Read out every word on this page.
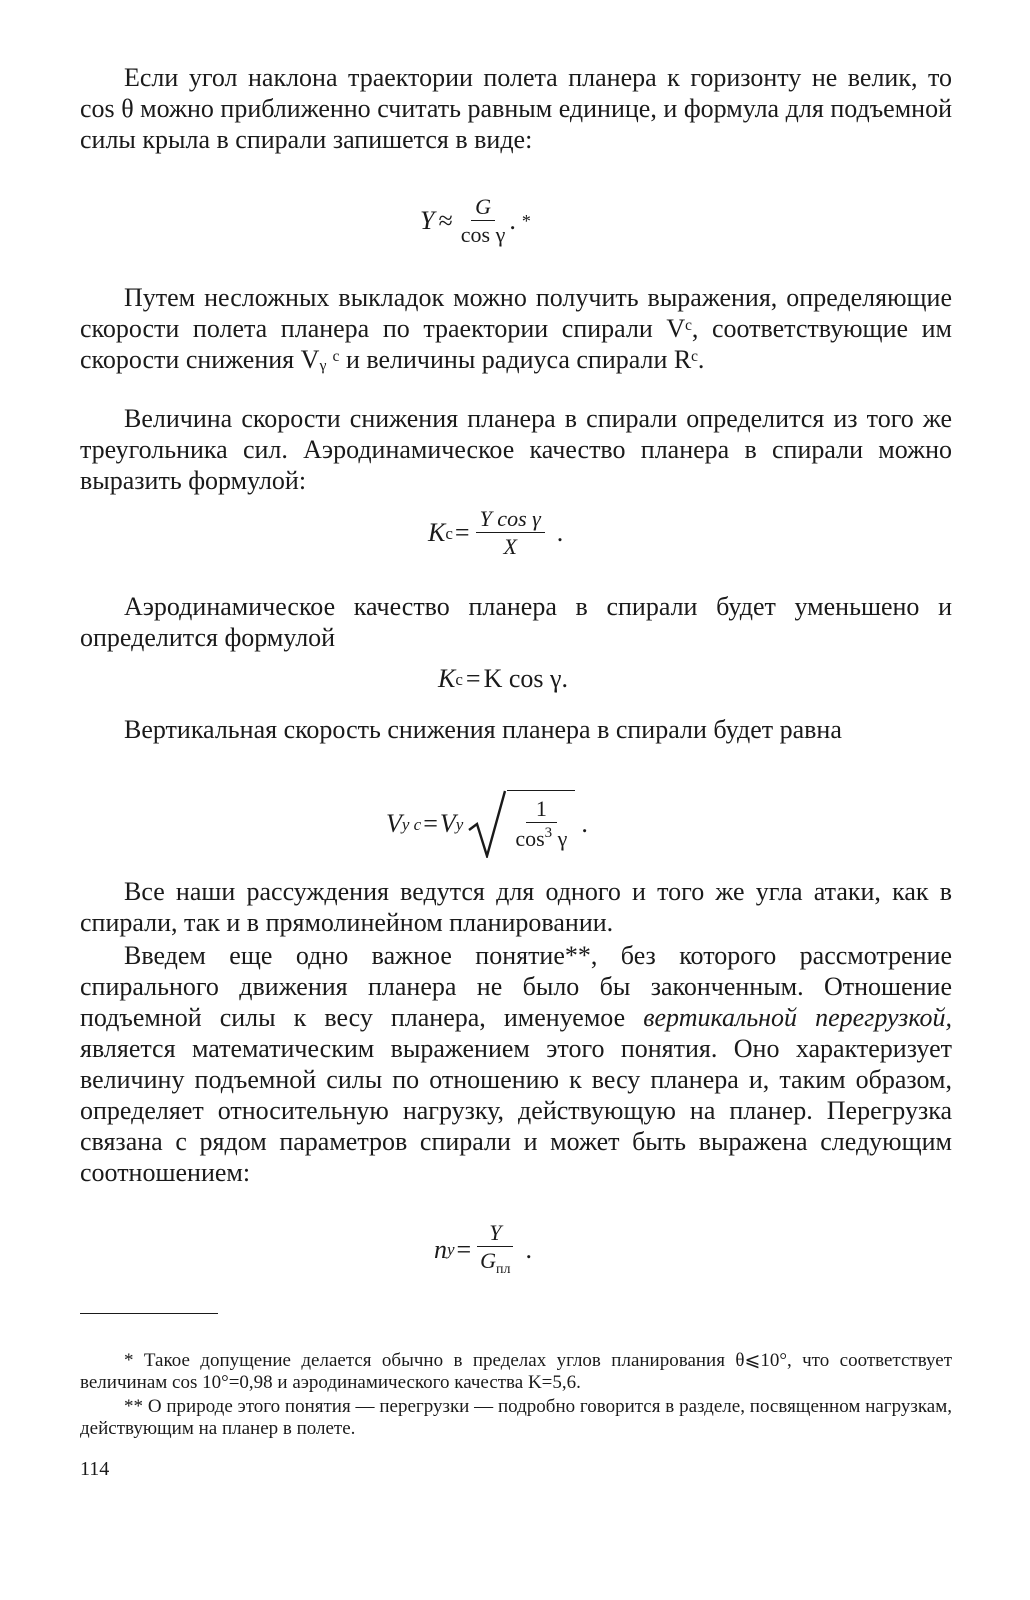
Если угол наклона траектории полета планера к горизонту не велик, то cos θ можно приближенно считать равным единице, и формула для подъемной силы крыла в спирали запишется в виде:

$Y \approx \frac{G}{\text{cos γ}}$ . *

Путем несложных выкладок можно получить выражения, определяющие скорости полета планера по траектории спирали Vᶜ, соответствующие им скорости снижения Vᵧ ᶜ и величины радиуса спирали Rᶜ.

Величина скорости снижения планера в спирали определится из того же треугольника сил. Аэродинамическое качество планера в спирали можно выразить формулой:

K $с = \frac{\text{Y cos γ}}{X}$ .

Аэродинамическое качество планера в спирали будет уменьшено и определится формулой

K с = K cos γ.

Вертикальная скорость снижения планера в спирали будет равна

V y с = V y $\frac{1}{\cos^3 \gamma}$ .

Все наши рассуждения ведутся для одного и того же угла атаки, как в спирали, так и в прямолинейном планировании.

Введем еще одно важное понятие**, без которого рассмотрение спирального движения планера не было бы законченным. Отношение подъемной силы к весу планера, именуемое вертикальной перегрузкой, является математическим выражением этого понятия. Оно характеризует величину подъемной силы по отношению к весу планера и, таким образом, определяет относительную нагрузку, действующую на планер. Перегрузка связана с рядом параметров спирали и может быть выражена следующим соотношением:

n $y = \frac{Y}{G_{пл}}$ .

* Такое допущение делается обычно в пределах углов планирования θ⩽10°, что соответствует величинам cos 10°=0,98 и аэродинамического качества K=5,6.

** О природе этого понятия — перегрузки — подробно говорится в разделе, посвященном нагрузкам, действующим на планер в полете.

114
